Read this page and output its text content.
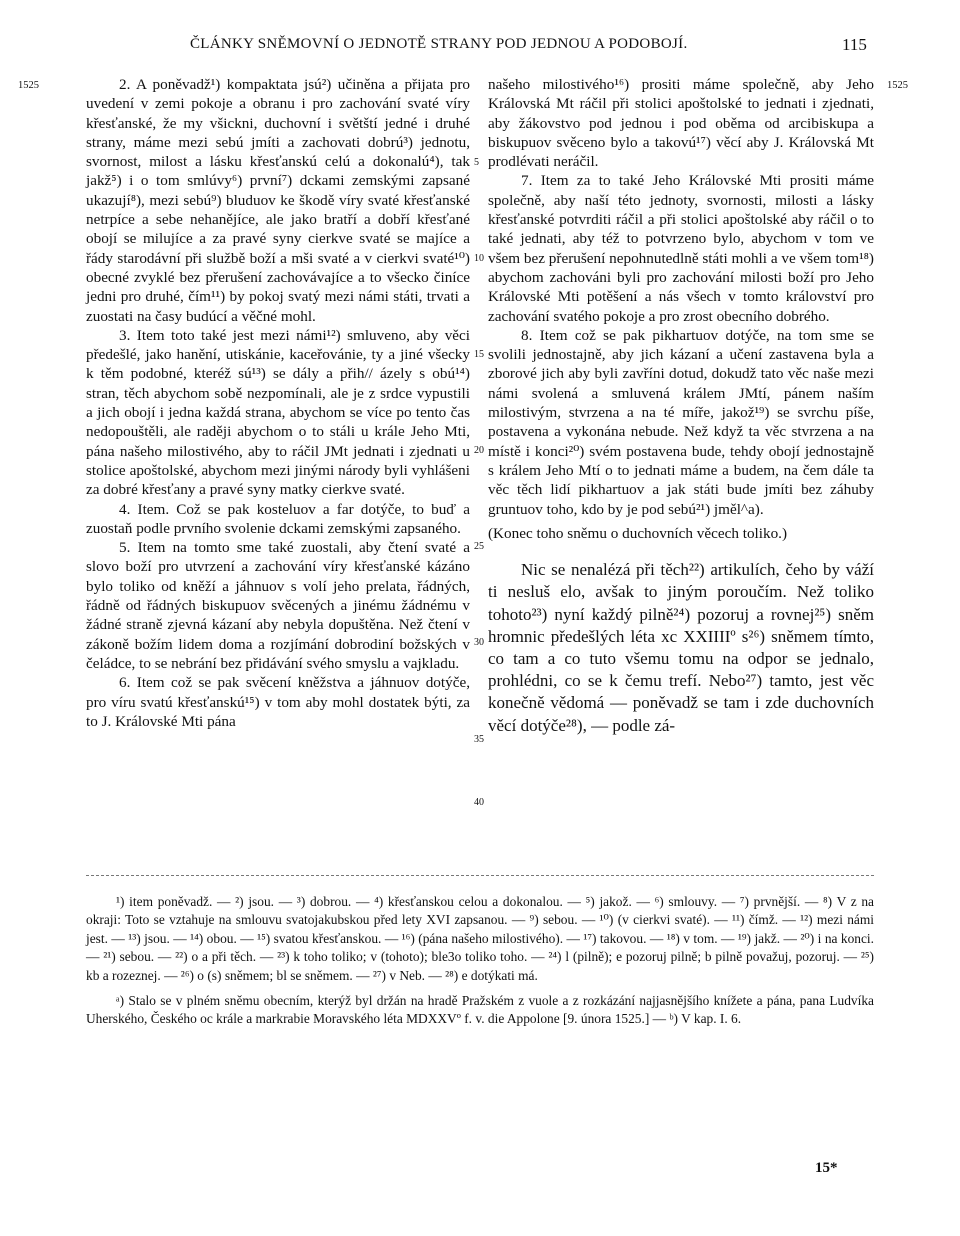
ČLÁNKY SNĚMOVNÍ O JEDNOTĚ STRANY POD JEDNOU A PODOBOJÍ.	115
1525	1525
5
10
15
20
25
30
35
40

2. A poněvadž¹) kompaktata jsú²) učiněna a přijata pro uvedení v zemi pokoje a obranu i pro zachování svaté víry křesťanské, že my všickni, duchovní i světští jedné i druhé strany, máme mezi sebú jmíti a zachovati dobrú³) jednotu, svornost, milost a lásku křesťanskú celú a dokonalú⁴), tak jakž⁵) i o tom smlúvy⁶) první⁷) dckami zemskými zapsané ukazují⁸), mezi sebú⁹) bluduov ke škodě víry svaté křesťanské netrpíce a sebe nehanějíce, ale jako bratří a dobří křesťané obojí se milujíce a za pravé syny cierkve svaté se majíce a řády starodávní při službě boží a mši svaté a v cierkvi svaté¹⁰) obecné zvyklé bez přerušení zachovávajíce a to všecko činíce jedni pro druhé, čím¹¹) by pokoj svatý mezi námi státi, trvati a zuostati na časy budúcí a věčné mohl.

3. Item toto také jest mezi námi¹²) smluveno, aby věci předešlé, jako hanění, utiskánie, kaceřovánie, ty a jiné všecky k těm podobné, kteréž sú¹³) se dály a přih// ázely s obú¹⁴) stran, těch abychom sobě nezpomínali, ale je z srdce vypustili a jich obojí i jedna každá strana, abychom se více po tento čas nedopouštěli, ale raději abychom o to stáli u krále Jeho Mti, pána našeho milostivého, aby to ráčil JMt jednati i zjednati u stolice apoštolské, abychom mezi jinými národy byli vyhlášeni za dobré křesťany a pravé syny matky cierkve svaté.

4. Item. Což se pak kosteluov a far dotýče, to buď a zuostaň podle prvního svolenie dckami zemskými zapsaného.

5. Item na tomto sme také zuostali, aby čtení svaté a slovo boží pro utvrzení a zachování víry křesťanské kázáno bylo toliko od kněží a jáhnuov s volí jeho prelata, řádných, řádně od řádných biskupuov svěcených a jinému žádnému v žádné straně zjevná kázaní aby nebyla dopuštěna. Než čtení v zákoně božím lidem doma a rozjímání dobrodiní božských v čeládce, to se nebrání bez přidávání svého smyslu a vajkladu.

6. Item což se pak svěcení kněžstva a jáhnuov dotýče, pro víru svatú křesťanskú¹⁵) v tom aby mohl dostatek býti, za to J. Královské Mti pána

našeho milostivého¹⁶) prositi máme společně, aby Jeho Královská Mt ráčil při stolici apoštolské to jednati i zjednati, aby žákovstvo pod jednou i pod oběma od arcibiskupa a biskupuov svěceno bylo a takovú¹⁷) věcí aby J. Královská Mt prodlévati neráčil.

7. Item za to také Jeho Královské Mti prositi máme společně, aby naší této jednoty, svornosti, milosti a lásky křesťanské potvrditi ráčil a při stolici apoštolské aby ráčil o to také jednati, aby též to potvrzeno bylo, abychom v tom ve všem bez přerušení nepohnutedlně státi mohli a ve všem tom¹⁸) abychom zachováni byli pro zachování milosti boží pro Jeho Královské Mti potěšení a nás všech v tomto království pro zachování svatého pokoje a pro zrost obecního dobrého.

8. Item což se pak pikhartuov dotýče, na tom sme se svolili jednostajně, aby jich kázaní a učení zastavena byla a zborové jich aby byli zavříni dotud, dokudž tato věc naše mezi námi svolená a smluvená králem JMtí, pánem naším milostivým, stvrzena a na té míře, jakož¹⁹) se svrchu píše, postavena a vykonána nebude. Než když ta věc stvrzena a na místě i konci²⁰) svém postavena bude, tehdy obojí jednostajně s králem Jeho Mtí o to jednati máme a budem, na čem dále ta věc těch lidí pikhartuov a jak státi bude jmíti bez záhuby gruntuov toho, kdo by je pod sebú²¹) jměl^a).

(Konec toho sněmu o duchovních věcech toliko.)

Nic se nenalézá při těch²²) artikulích, čeho by váží ti nesluš elo, avšak to jiným poroučím. Než toliko tohoto²³) nyní každý pilně²⁴) pozoruj a rovnej²⁵) sněm hromnic předešlých léta xc XXIIIIº s²⁶) sněmem tímto, co tam a co tuto všemu tomu na odpor se jednalo, prohlédni, co se k čemu trefí. Nebo²⁷) tamto, jest věc konečně vědomá — poněvadž se tam i zde duchovních věcí dotýče²⁸), — podle zá-

¹) item poněvadž. — ²) jsou. — ³) dobrou. — ⁴) křesťanskou celou a dokonalou. — ⁵) jakož. — ⁶) smlouvy. — ⁷) prvnější. — ⁸) V z na okraji: Toto se vztahuje na smlouvu svatojakubskou před lety XVI zapsanou. — ⁹) sebou. — ¹⁰) (v cierkvi svaté). — ¹¹) čímž. — ¹²) mezi námi jest. — ¹³) jsou. — ¹⁴) obou. — ¹⁵) svatou křesťanskou. — ¹⁶) (pána našeho milostivého). — ¹⁷) takovou. — ¹⁸) v tom. — ¹⁹) jakž. — ²⁰) i na konci. — ²¹) sebou. — ²²) o a při těch. — ²³) k toho toliko; v (tohoto); ble3o toliko toho. — ²⁴) l (pilně); e pozoruj pilně; b pilně považuj, pozoruj. — ²⁵) kb a rozeznej. — ²⁶) o (s) sněmem; bl se sněmem. — ²⁷) v Neb. — ²⁸) e dotýkati má.

ᵃ) Stalo se v plném sněmu obecním, kterýž byl držán na hradě Pražském z vuole a z rozkázání najjasnějšího knížete a pána, pana Ludvíka Uherského, Českého oc krále a markrabie Moravského léta MDXXVº f. v. die Appolone [9. února 1525.] — ᵇ) V kap. I. 6.

15*
